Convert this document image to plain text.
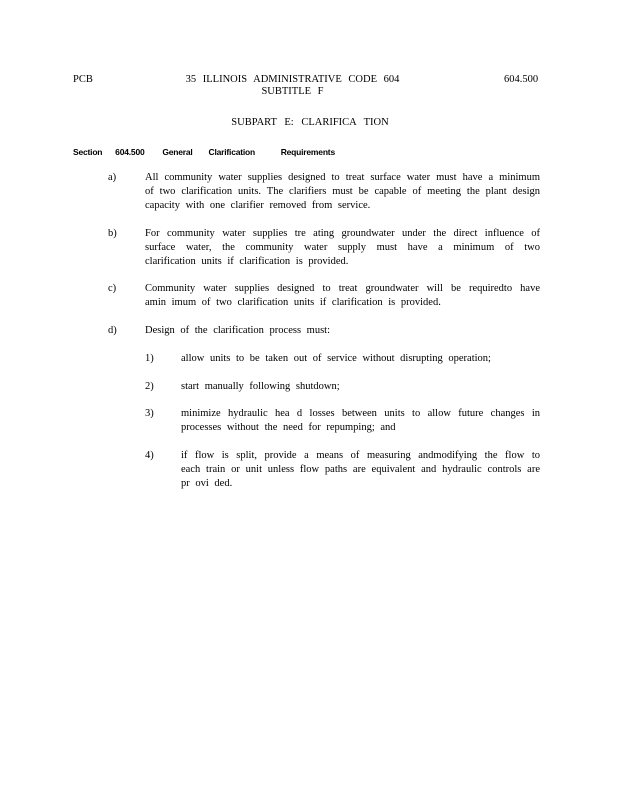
PCB	35 ILLINOIS ADMINISTRATIVE CODE 604
SUBTITLE F
604.500
SUBPART E: CLARIFICA TION
Section 604.500 General Clarification	Requirements
a)	All community water supplies designed to treat surface water must have a minimum of two clarification units. The clarifiers must be capable of meeting the plant design capacity with one clarifier removed from service.
b)	For community water supplies tre ating groundwater under the direct influence of surface water, the community water supply must have a minimum of two clarification units if clarification is provided.
c)	Community water supplies designed to treat groundwater will be requiredto have amin imum of two clarification units if clarification is provided.
d)	Design of the clarification process must:
1)	allow units to be taken out of service without disrupting operation;
2)	start manually following shutdown;
3)	minimize hydraulic hea d losses between units to allow future changes in processes without the need for repumping; and
4)	if flow is split, provide a means of measuring andmodifying the flow to each train or unit unless flow paths are equivalent and hydraulic controls are pr ovi ded.
